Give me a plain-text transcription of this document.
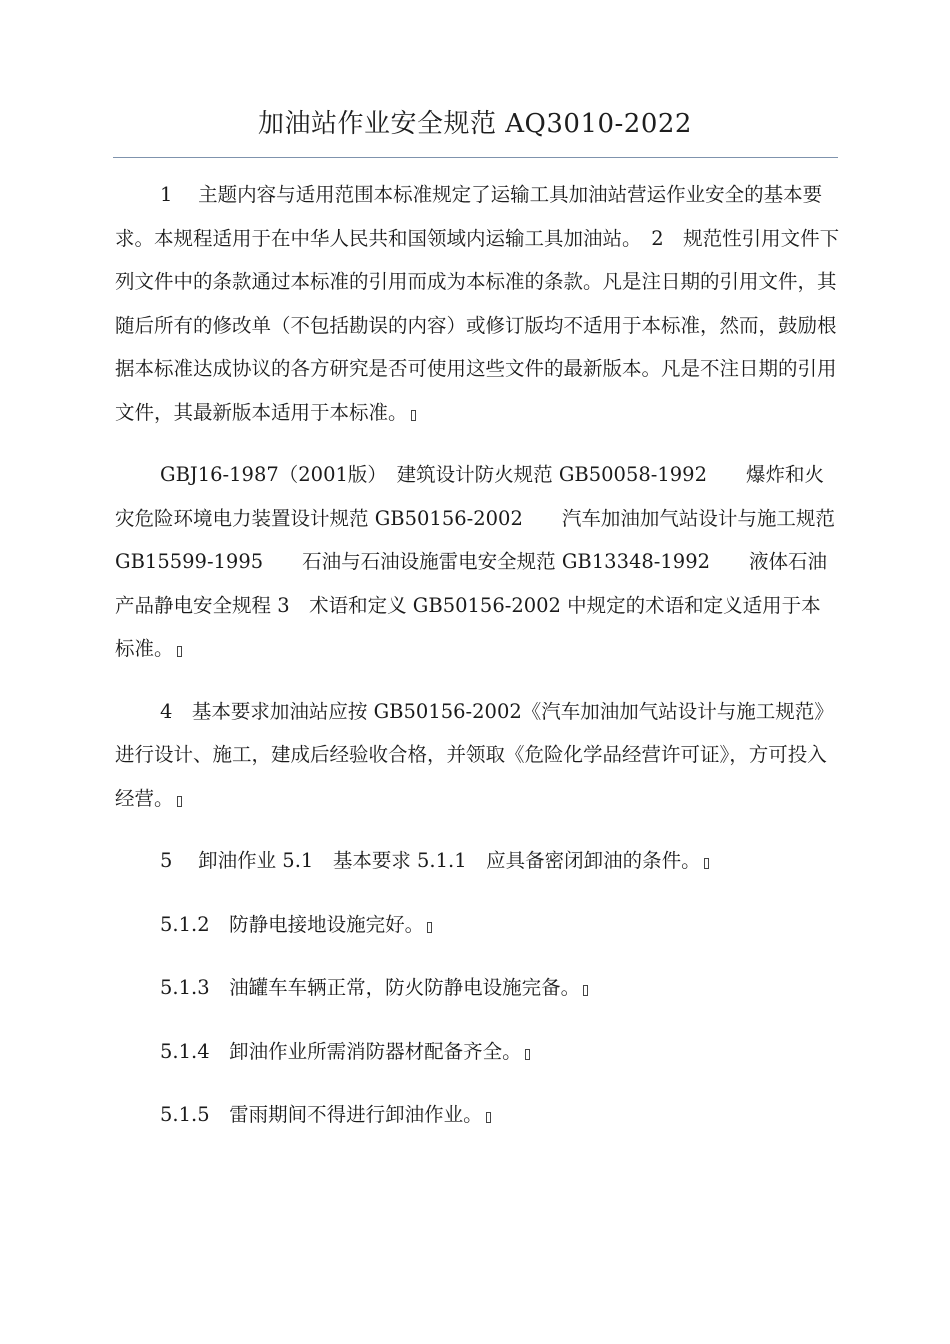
加油站作业安全规范 AQ3010-2022

1　 主题内容与适用范围本标准规定了运输工具加油站营运作业安全的基本要求。本规程适用于在中华人民共和国领域内运输工具加油站。　2　规范性引用文件下列文件中的条款通过本标准的引用而成为本标准的条款。凡是注日期的引用文件，其随后所有的修改单（不包括勘误的内容）或修订版均不适用于本标准，然而，鼓励根据本标准达成协议的各方研究是否可使用这些文件的最新版本。凡是不注日期的引用文件，其最新版本适用于本标准。

GBJ16-1987（2001版）　建筑设计防火规范 GB50058-1992　　爆炸和火灾危险环境电力装置设计规范 GB50156-2002　　汽车加油加气站设计与施工规范 GB15599-1995　　石油与石油设施雷电安全规范 GB13348-1992　　液体石油产品静电安全规程 3　术语和定义 GB50156-2002 中规定的术语和定义适用于本标准。

4　基本要求加油站应按 GB50156-2002《汽车加油加气站设计与施工规范》进行设计、施工，建成后经验收合格，并领取《危险化学品经营许可证》，方可投入经营。

5　 卸油作业 5.1　基本要求 5.1.1　应具备密闭卸油的条件。

5.1.2　防静电接地设施完好。

5.1.3　油罐车车辆正常，防火防静电设施完备。

5.1.4　卸油作业所需消防器材配备齐全。

5.1.5　雷雨期间不得进行卸油作业。
